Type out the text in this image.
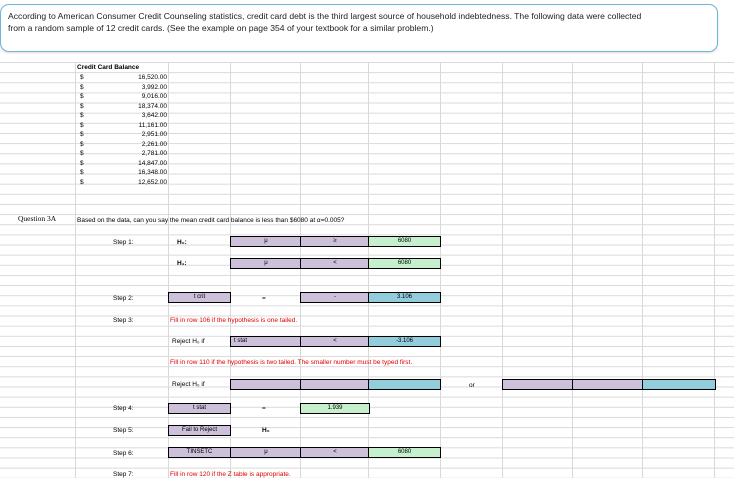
According to American Consumer Credit Counseling statistics, credit card debt is the third largest source of household indebtedness. The following data were collected
from a random sample of 12 credit cards. (See the example on page 354 of your textbook for a similar problem.)
Credit Card Balance
$	16,520.00
$	3,992.00
$	9,016.00
$	18,374.00
$	3,642.00
$	11,161.00
$	2,951.00
$	2,261.00
$	2,781.00
$	14,847.00
$	16,348.00
$	12,652.00
Question 3A	Based on the data, can you say the mean credit card balance is less than $6080 at α=0.005?
Step 1:	H₀:	μ	≥	6080
H₁:	μ	<	6080
Step 2:	t crit	=	-	3.106
Step 3:	Fill in row 106 if the hypothesis is one tailed.
Reject H₀ if	t stat	<	-3.106
Fill in row 110 if the hypothesis is two tailed. The smaller number must be typed first.
Reject H₀ if	or
Step 4:	t stat	=	1.939
Step 5:	Fail to Reject	H₀
Step 6:	TINSETC	μ	<	6080
Step 7:	Fill in row 120 if the Z table is appropriate.
